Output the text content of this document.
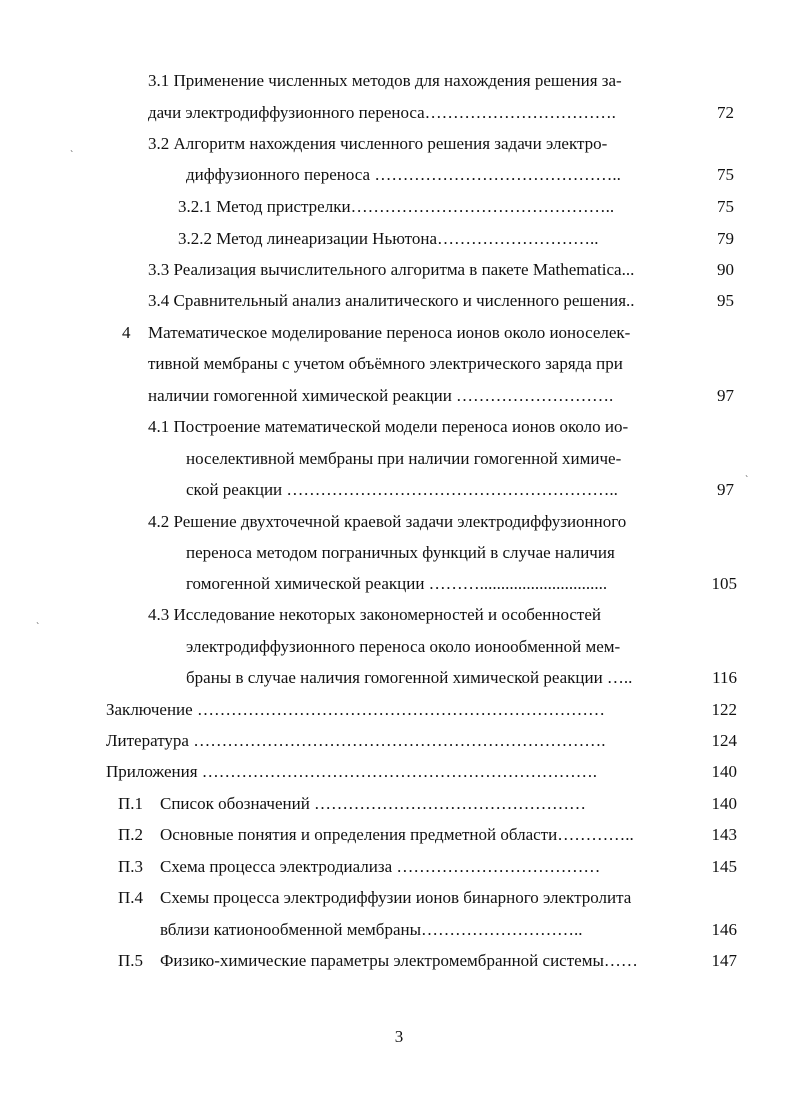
3.1 Применение численных методов для нахождения решения за-
дачи электродиффузионного переноса…………………………….	72
3.2 Алгоритм нахождения численного решения задачи электро-
диффузионного переноса ……………………………………..	75
3.2.1 Метод пристрелки………………………………………..	75
3.2.2 Метод линеаризации Ньютона………………………..	79
3.3 Реализация вычислительного алгоритма в пакете Mathematica...	90
3.4 Сравнительный анализ аналитического и численного решения..	95
4 Математическое моделирование переноса ионов около ионоселек-
тивной мембраны с учетом объёмного электрического заряда при
наличии гомогенной химической реакции ……………………….	97
4.1 Построение математической модели переноса ионов около ио-
носелективной мембраны при наличии гомогенной химиче-
ской реакции …………………………………………………..	97
4.2 Решение двухточечной краевой задачи электродиффузионного
переноса методом пограничных функций в случае наличия
гомогенной химической реакции ………..............................	105
4.3 Исследование некоторых закономерностей и особенностей
электродиффузионного переноса около ионообменной мем-
браны в случае наличия гомогенной химической реакции …..	116
Заключение ………………………………………………………………	122
Литература ……………………………………………………………….	124
Приложения …………………………………………………………….	140
П.1 Список обозначений …………………………………………	140
П.2 Основные понятия и определения предметной области…………..	143
П.3 Схема процесса электродиализа ………………………………	145
П.4 Схемы процесса электродиффузии ионов бинарного электролита
вблизи катионообменной мембраны………………………..	146
П.5 Физико-химические параметры электромембранной системы……	147
3
ˋ
ˋ
ˋ
